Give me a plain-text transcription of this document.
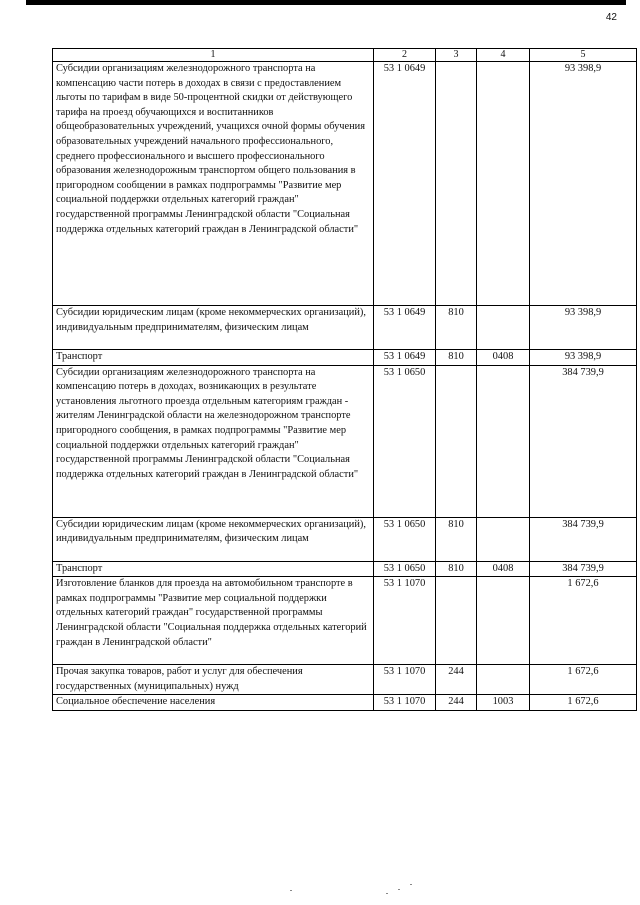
42
1	2	3	4	5
Субсидии организациям железнодорожного транспорта на компенсацию части потерь в доходах в связи с предоставлением льготы по тарифам в виде 50-процентной скидки от действующего тарифа на проезд обучающихся и воспитанников общеобразовательных учреждений, учащихся очной формы обучения образовательных учреждений начального профессионального, среднего профессионального и высшего профессионального образования железнодорожным транспортом общего пользования в пригородном сообщении в рамках подпрограммы "Развитие мер социальной поддержки отдельных категорий граждан" государственной программы Ленинградской области "Социальная поддержка отдельных категорий граждан в Ленинградской области"	53 1 0649			93 398,9
Субсидии юридическим лицам (кроме некоммерческих организаций), индивидуальным предпринимателям, физическим лицам	53 1 0649	810		93 398,9
Транспорт	53 1 0649	810	0408	93 398,9
Субсидии организациям железнодорожного транспорта на компенсацию потерь в доходах, возникающих в результате установления льготного проезда отдельным категориям граждан - жителям Ленинградской области на железнодорожном транспорте пригородного сообщения, в рамках подпрограммы "Развитие мер социальной поддержки отдельных категорий граждан" государственной программы Ленинградской области "Социальная поддержка отдельных категорий граждан в Ленинградской области"	53 1 0650			384 739,9
Субсидии юридическим лицам (кроме некоммерческих организаций), индивидуальным предпринимателям, физическим лицам	53 1 0650	810		384 739,9
Транспорт	53 1 0650	810	0408	384 739,9
Изготовление бланков для проезда на автомобильном транспорте в рамках подпрограммы "Развитие мер социальной поддержки отдельных категорий граждан" государственной программы Ленинградской области "Социальная поддержка отдельных категорий граждан в Ленинградской области"	53 1 1070			1 672,6
Прочая закупка товаров, работ и услуг для обеспечения государственных (муниципальных) нужд	53 1 1070	244		1 672,6
Социальное обеспечение населения	53 1 1070	244	1003	1 672,6
